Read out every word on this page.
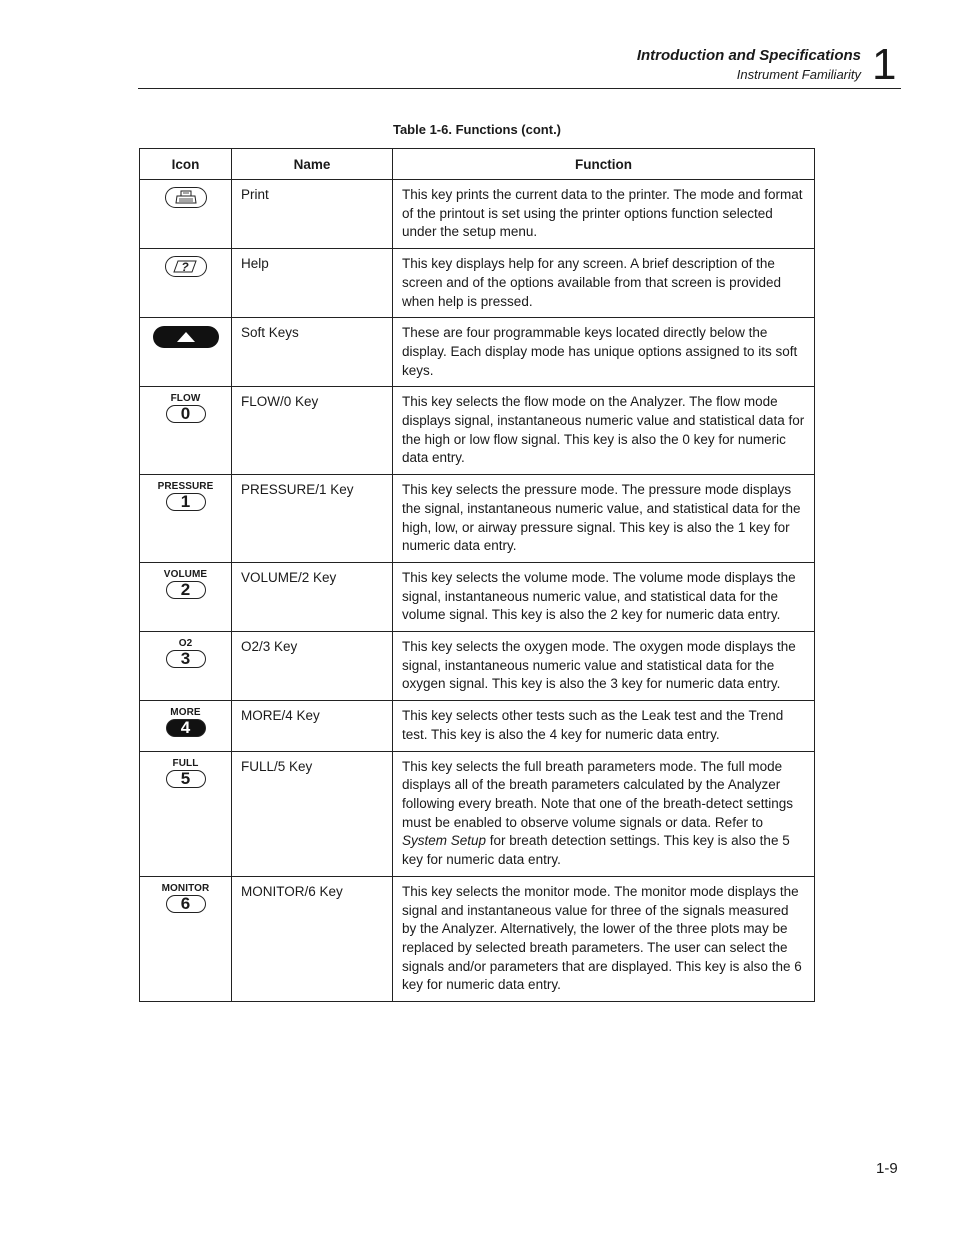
Introduction and Specifications
Instrument Familiarity 1
Table 1-6. Functions (cont.)
Icon	Name	Function

	Print	This key prints the current data to the printer. The mode and format of the printout is set using the printer options function selected under the setup menu.

?	Help	This key displays help for any screen. A brief description of the screen and of the options available from that screen is provided when help is pressed.

	Soft Keys	These are four programmable keys located directly below the display. Each display mode has unique options assigned to its soft keys.

FLOW
0	FLOW/0 Key	This key selects the flow mode on the Analyzer. The flow mode displays signal, instantaneous numeric value and statistical data for the high or low flow signal. This key is also the 0 key for numeric data entry.

PRESSURE
1	PRESSURE/1 Key	This key selects the pressure mode. The pressure mode displays the signal, instantaneous numeric value, and statistical data for the high, low, or airway pressure signal. This key is also the 1 key for numeric data entry.

VOLUME
2	VOLUME/2 Key	This key selects the volume mode. The volume mode displays the signal, instantaneous numeric value, and statistical data for the volume signal. This key is also the 2 key for numeric data entry.

O2
3	O2/3 Key	This key selects the oxygen mode. The oxygen mode displays the signal, instantaneous numeric value and statistical data for the oxygen signal. This key is also the 3 key for numeric data entry.

MORE
4	MORE/4 Key	This key selects other tests such as the Leak test and the Trend test. This key is also the 4 key for numeric data entry.

FULL
5	FULL/5 Key	This key selects the full breath parameters mode. The full mode displays all of the breath parameters calculated by the Analyzer following every breath. Note that one of the breath-detect settings must be enabled to observe volume signals or data. Refer to System Setup for breath detection settings. This key is also the 5 key for numeric data entry.

MONITOR
6	MONITOR/6 Key	This key selects the monitor mode. The monitor mode displays the signal and instantaneous value for three of the signals measured by the Analyzer. Alternatively, the lower of the three plots may be replaced by selected breath parameters. The user can select the signals and/or parameters that are displayed. This key is also the 6 key for numeric data entry.
1-9
